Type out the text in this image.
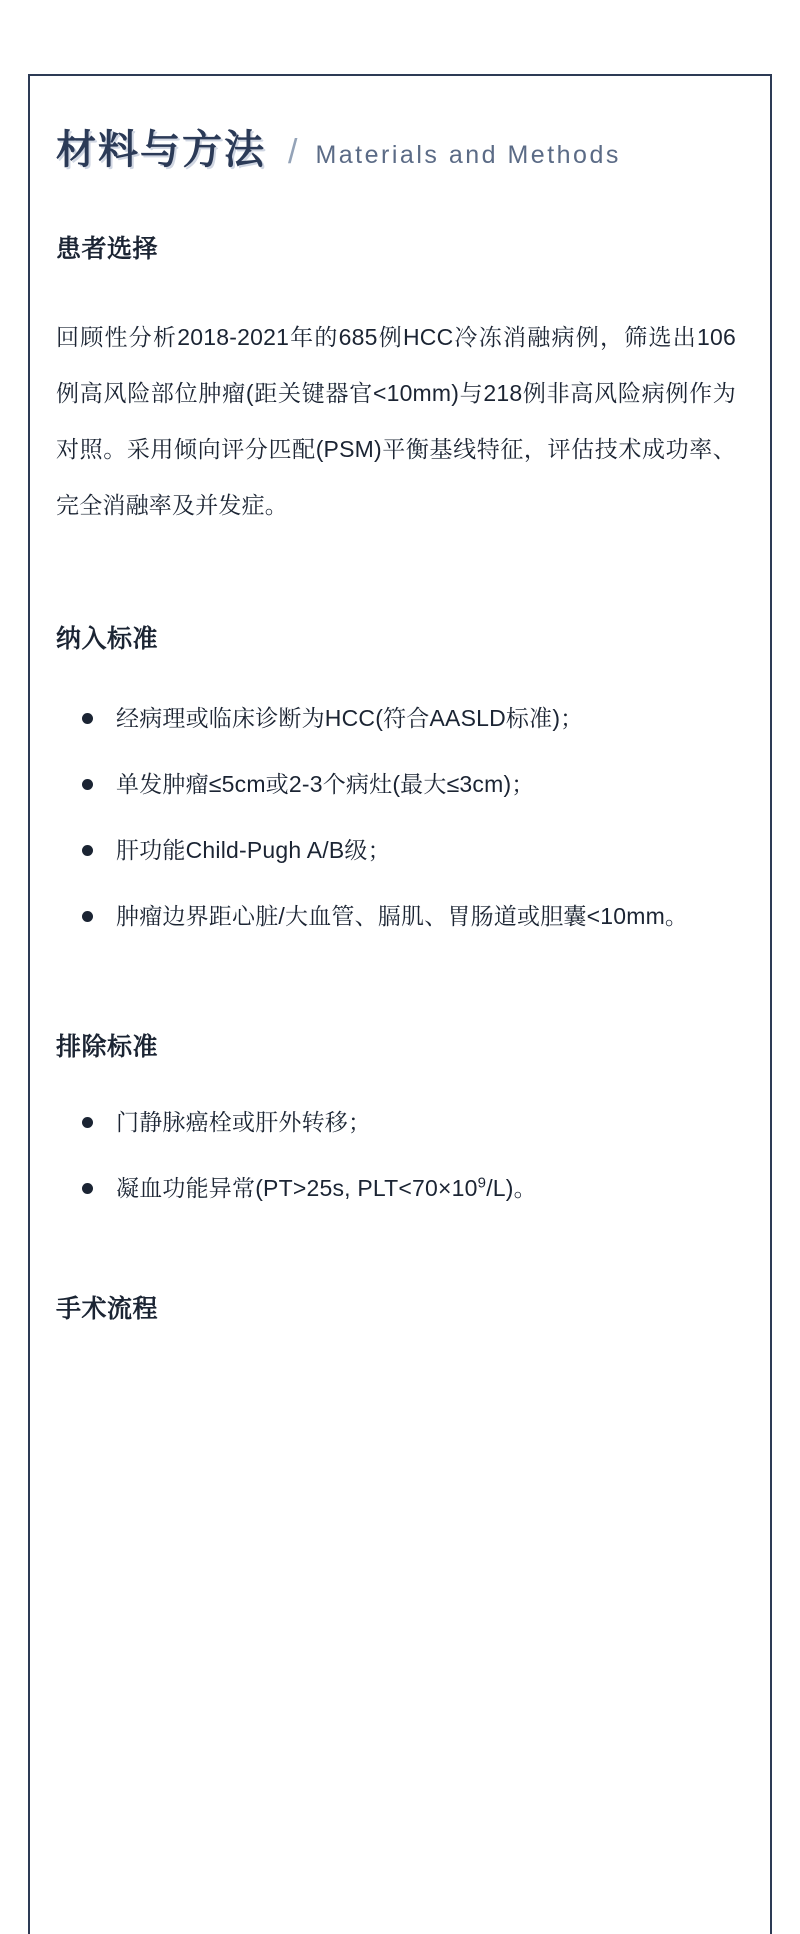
材料与方法 / Materials and Methods
患者选择

回顾性分析2018-2021年的685例HCC冷冻消融病例，筛选出106例高风险部位肿瘤(距关键器官<10mm)与218例非高风险病例作为对照。采用倾向评分匹配(PSM)平衡基线特征，评估技术成功率、完全消融率及并发症。

纳入标准
经病理或临床诊断为HCC(符合AASLD标准)；
单发肿瘤≤5cm或2-3个病灶(最大≤3cm)；
肝功能Child-Pugh A/B级；
肿瘤边界距心脏/大血管、膈肌、胃肠道或胆囊<10mm。
排除标准
门静脉癌栓或肝外转移；
凝血功能异常(PT>25s, $PLT<70\times 10^9/L$)。
手术流程
